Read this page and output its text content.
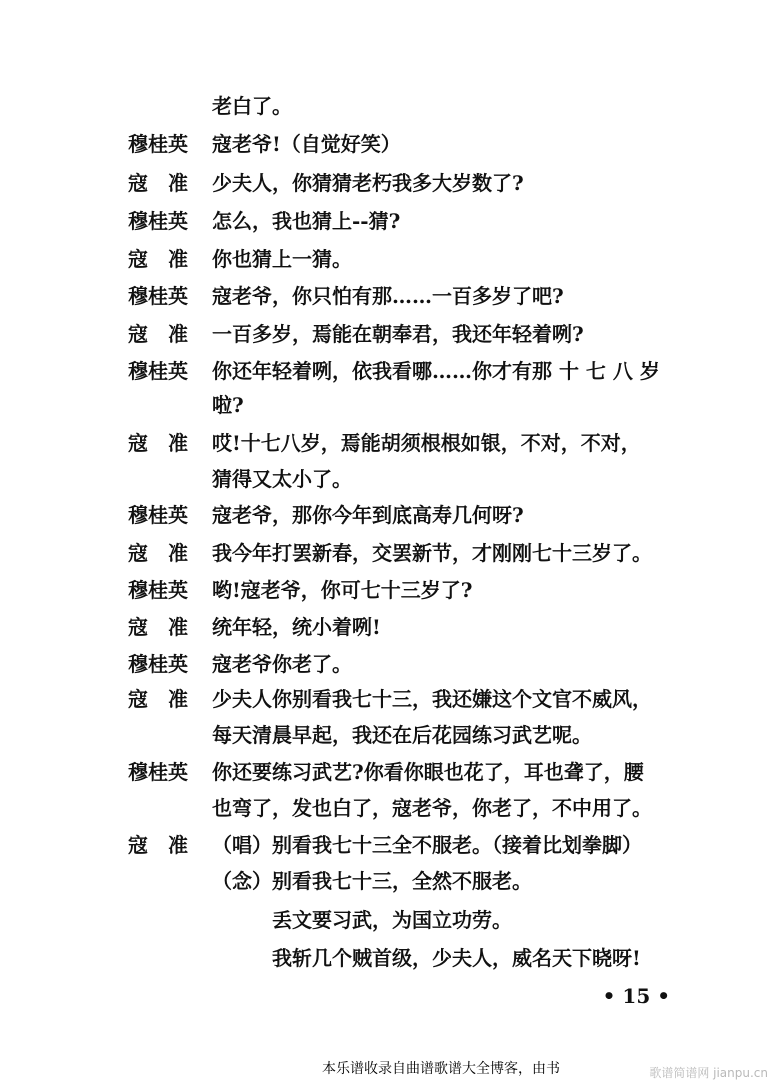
老白了。
穆桂英 寇老爷!（自觉好笑）
寇　准 少夫人，你猜猜老朽我多大岁数了?
穆桂英 怎么，我也猜上--猜?
寇　准 你也猜上一猜。
穆桂英 寇老爷，你只怕有那……一百多岁了吧?
寇　准 一百多岁，焉能在朝奉君，我还年轻着咧?
穆桂英 你还年轻着咧，依我看哪……你才有那 十 七 八 岁
啦?
寇　准 哎!十七八岁，焉能胡须根根如银，不对，不对，
猜得又太小了。
穆桂英 寇老爷，那你今年到底高寿几何呀?
寇　准 我今年打罢新春，交罢新节，才刚刚七十三岁了。
穆桂英 哟!寇老爷，你可七十三岁了?
寇　准 统年轻，统小着咧!
穆桂英 寇老爷你老了。
寇　准 少夫人你别看我七十三，我还嫌这个文官不威风，
每天清晨早起，我还在后花园练习武艺呢。
穆桂英 你还要练习武艺?你看你眼也花了，耳也聋了，腰
也弯了，发也白了，寇老爷，你老了，不中用了。
寇　准 （唱）别看我七十三全不服老。（接着比划拳脚）
（念）别看我七十三，全然不服老。
丢文要习武，为国立功劳。
我斩几个贼首级，少夫人，威名天下晓呀!
• 15 •
本乐谱收录自曲谱歌谱大全博客，由书	歌谱简谱网 jianpu.cn
